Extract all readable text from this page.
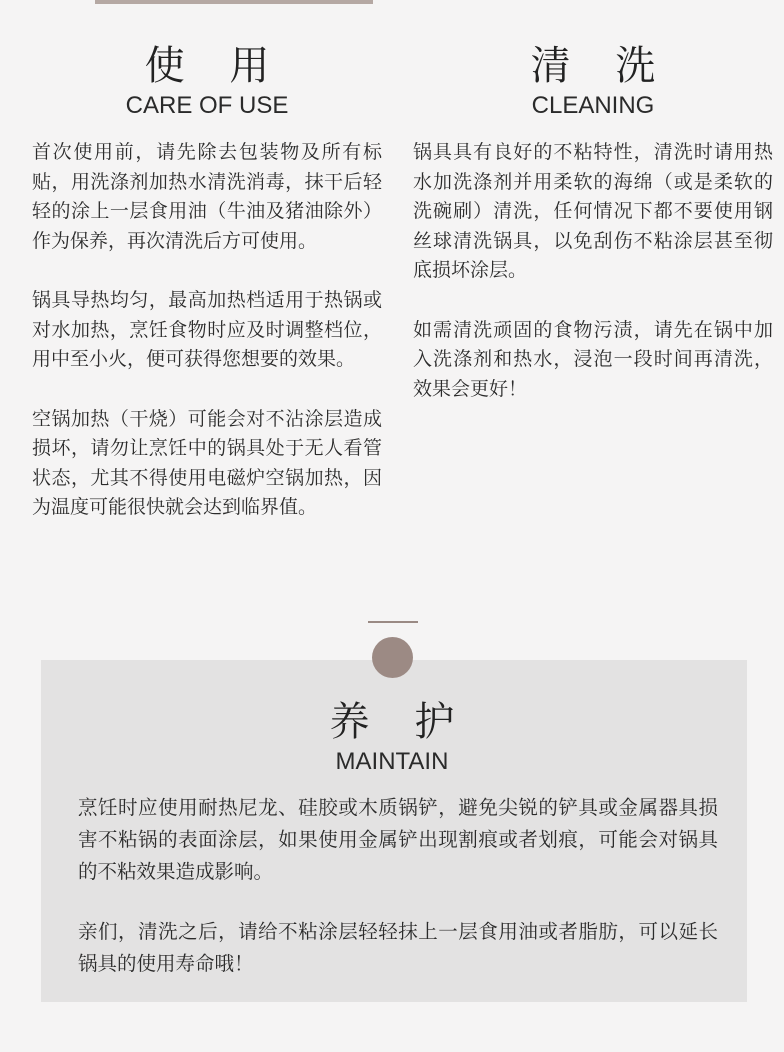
使 用
CARE OF USE

首次使用前，请先除去包装物及所有标贴，用洗涤剂加热水清洗消毒，抹干后轻轻的涂上一层食用油（牛油及猪油除外）作为保养，再次清洗后方可使用。

锅具导热均匀，最高加热档适用于热锅或对水加热，烹饪食物时应及时调整档位，用中至小火，便可获得您想要的效果。

空锅加热（干烧）可能会对不沾涂层造成损坏，请勿让烹饪中的锅具处于无人看管状态，尤其不得使用电磁炉空锅加热，因为温度可能很快就会达到临界值。

清 洗
CLEANING

锅具具有良好的不粘特性，清洗时请用热水加洗涤剂并用柔软的海绵（或是柔软的洗碗刷）清洗，任何情况下都不要使用钢丝球清洗锅具，以免刮伤不粘涂层甚至彻底损坏涂层。

如需清洗顽固的食物污渍，请先在锅中加入洗涤剂和热水，浸泡一段时间再清洗，效果会更好！

养 护
MAINTAIN

烹饪时应使用耐热尼龙、硅胶或木质锅铲，避免尖锐的铲具或金属器具损害不粘锅的表面涂层，如果使用金属铲出现割痕或者划痕，可能会对锅具的不粘效果造成影响。

亲们，清洗之后，请给不粘涂层轻轻抹上一层食用油或者脂肪，可以延长锅具的使用寿命哦！
